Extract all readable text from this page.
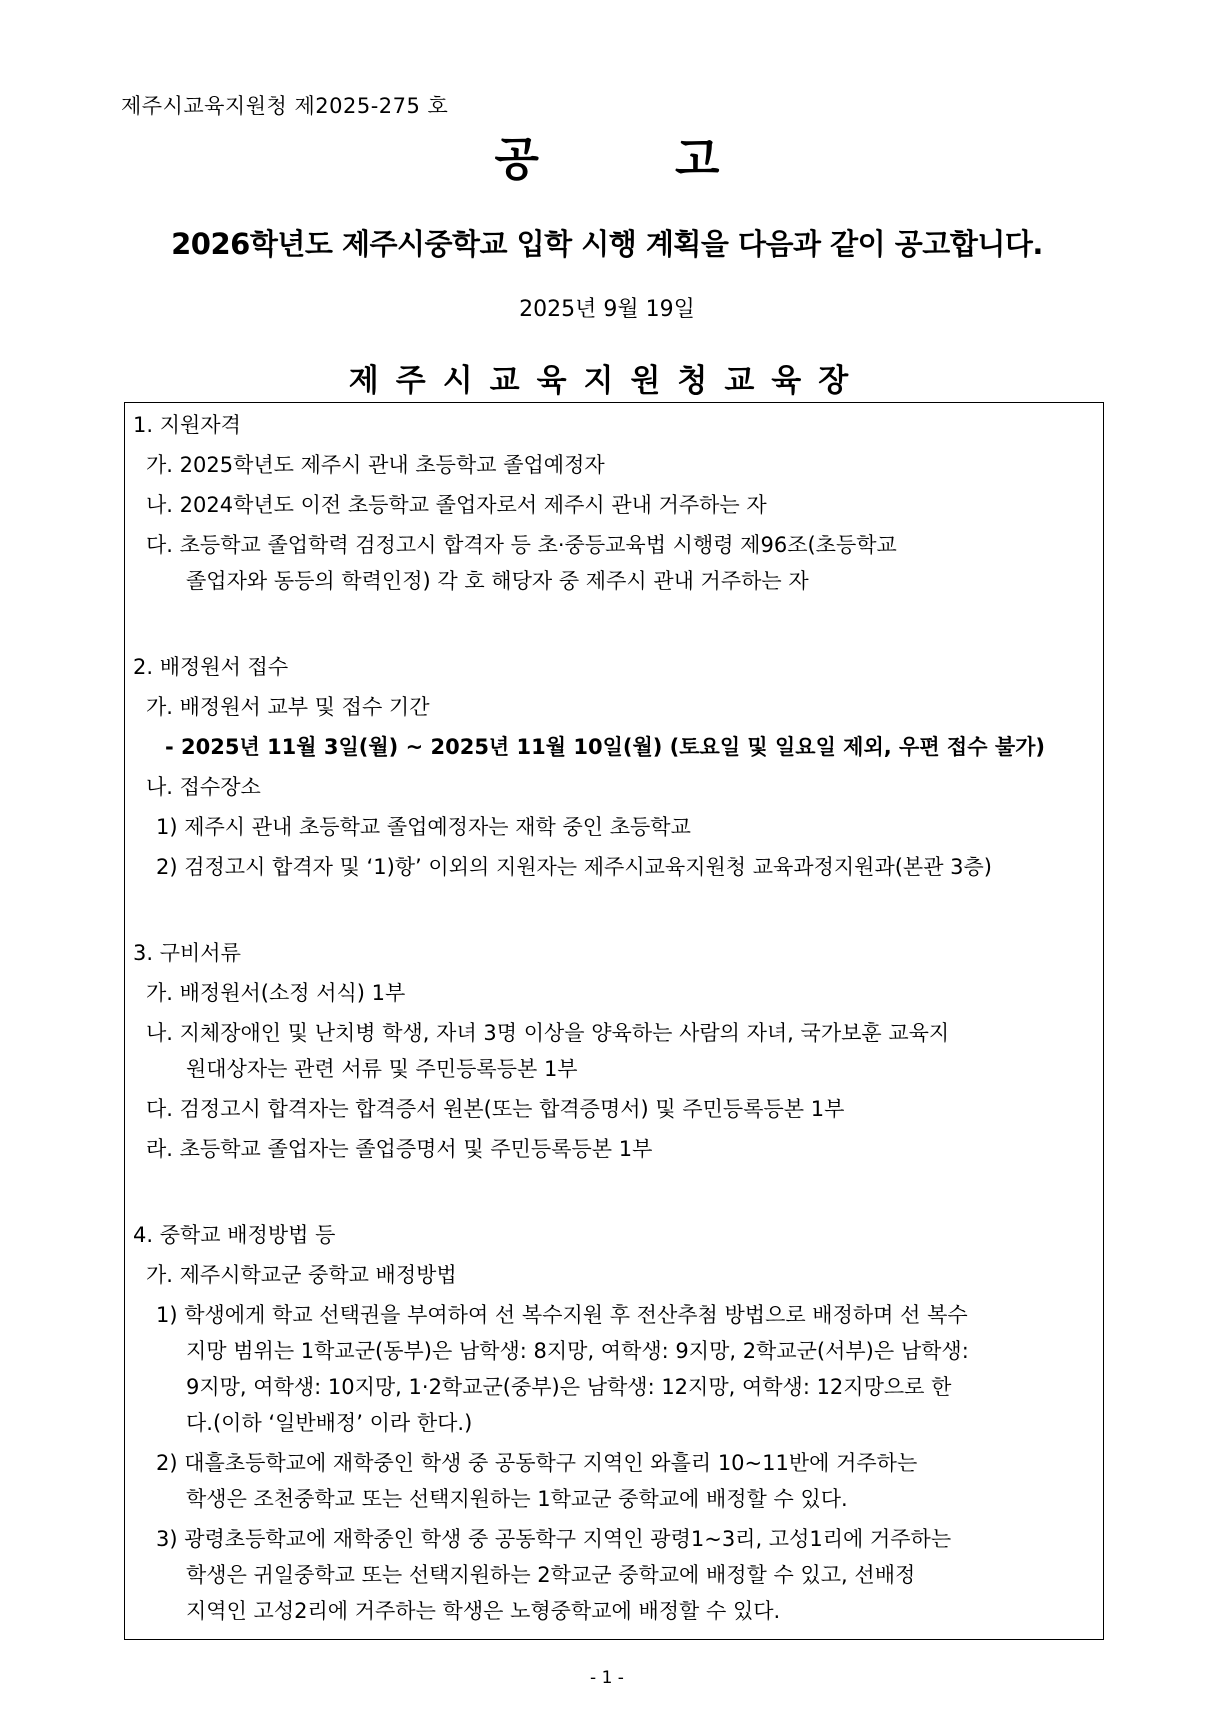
제주시교육지원청 제2025-275 호
공 고
2026학년도 제주시중학교 입학 시행 계획을 다음과 같이 공고합니다.
2025년 9월 19일
제주시교육지원청교육장
1. 지원자격
가. 2025학년도 제주시 관내 초등학교 졸업예정자
나. 2024학년도 이전 초등학교 졸업자로서 제주시 관내 거주하는 자
다. 초등학교 졸업학력 검정고시 합격자 등 초·중등교육법 시행령 제96조(초등학교
졸업자와 동등의 학력인정) 각 호 해당자 중 제주시 관내 거주하는 자
2. 배정원서 접수
가. 배정원서 교부 및 접수 기간
- 2025년 11월 3일(월) ~ 2025년 11월 10일(월) (토요일 및 일요일 제외, 우편 접수 불가)
나. 접수장소
1) 제주시 관내 초등학교 졸업예정자는 재학 중인 초등학교
2) 검정고시 합격자 및 ‘1)항’ 이외의 지원자는 제주시교육지원청 교육과정지원과(본관 3층)
3. 구비서류
가. 배정원서(소정 서식) 1부
나. 지체장애인 및 난치병 학생, 자녀 3명 이상을 양육하는 사람의 자녀, 국가보훈 교육지
원대상자는 관련 서류 및 주민등록등본 1부
다. 검정고시 합격자는 합격증서 원본(또는 합격증명서) 및 주민등록등본 1부
라. 초등학교 졸업자는 졸업증명서 및 주민등록등본 1부
4. 중학교 배정방법 등
가. 제주시학교군 중학교 배정방법
1) 학생에게 학교 선택권을 부여하여 선 복수지원 후 전산추첨 방법으로 배정하며 선 복수
지망 범위는 1학교군(동부)은 남학생: 8지망, 여학생: 9지망, 2학교군(서부)은 남학생:
9지망, 여학생: 10지망, 1·2학교군(중부)은 남학생: 12지망, 여학생: 12지망으로 한
다.(이하 ‘일반배정’ 이라 한다.)
2) 대흘초등학교에 재학중인 학생 중 공동학구 지역인 와흘리 10~11반에 거주하는
학생은 조천중학교 또는 선택지원하는 1학교군 중학교에 배정할 수 있다.
3) 광령초등학교에 재학중인 학생 중 공동학구 지역인 광령1~3리, 고성1리에 거주하는
학생은 귀일중학교 또는 선택지원하는 2학교군 중학교에 배정할 수 있고, 선배정
지역인 고성2리에 거주하는 학생은 노형중학교에 배정할 수 있다.
- 1 -
